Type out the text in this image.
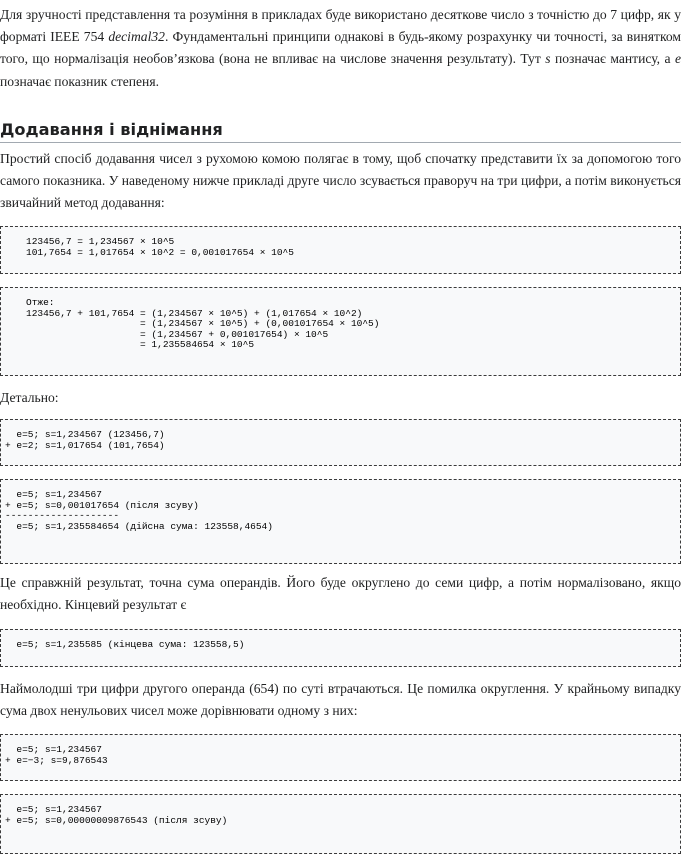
Для зручності представлення та розуміння в прикладах буде використано десяткове число з точністю до 7 цифр, як у форматі IEEE 754 decimal32. Фундаментальні принципи однакові в будь-якому розрахунку чи точності, за винятком того, що нормалізація необов’язкова (вона не впливає на числове значення результату). Тут s позначає мантису, а e позначає показник степеня.

Додавання і віднімання

Простий спосіб додавання чисел з рухомою комою полягає в тому, щоб спочатку представити їх за допомогою того самого показника. У наведеному нижче прикладі друге число зсувається праворуч на три цифри, а потім виконується звичайний метод додавання:

123456,7 = 1,234567 × 10^5
101,7654 = 1,017654 × 10^2 = 0,001017654 × 10^5
Отже:
123456,7 + 101,7654 = (1,234567 × 10^5) + (1,017654 × 10^2)
= (1,234567 × 10^5) + (0,001017654 × 10^5)
= (1,234567 + 0,001017654) × 10^5
= 1,235584654 × 10^5

Детально:

e=5; s=1,234567 (123456,7)
+ e=2; s=1,017654 (101,7654)
e=5; s=1,234567
+ e=5; s=0,001017654 (після зсуву)
--------------------
e=5; s=1,235584654 (дійсна сума: 123558,4654)

Це справжній результат, точна сума операндів. Його буде округлено до семи цифр, а потім нормалізовано, якщо необхідно. Кінцевий результат є

e=5; s=1,235585 (кінцева сума: 123558,5)

Наймолодші три цифри другого операнда (654) по суті втрачаються. Це помилка округлення. У крайньому випадку сума двох ненульових чисел може дорівнювати одному з них:

e=5; s=1,234567
+ e=−3; s=9,876543
e=5; s=1,234567
+ e=5; s=0,00000009876543 (після зсуву)
